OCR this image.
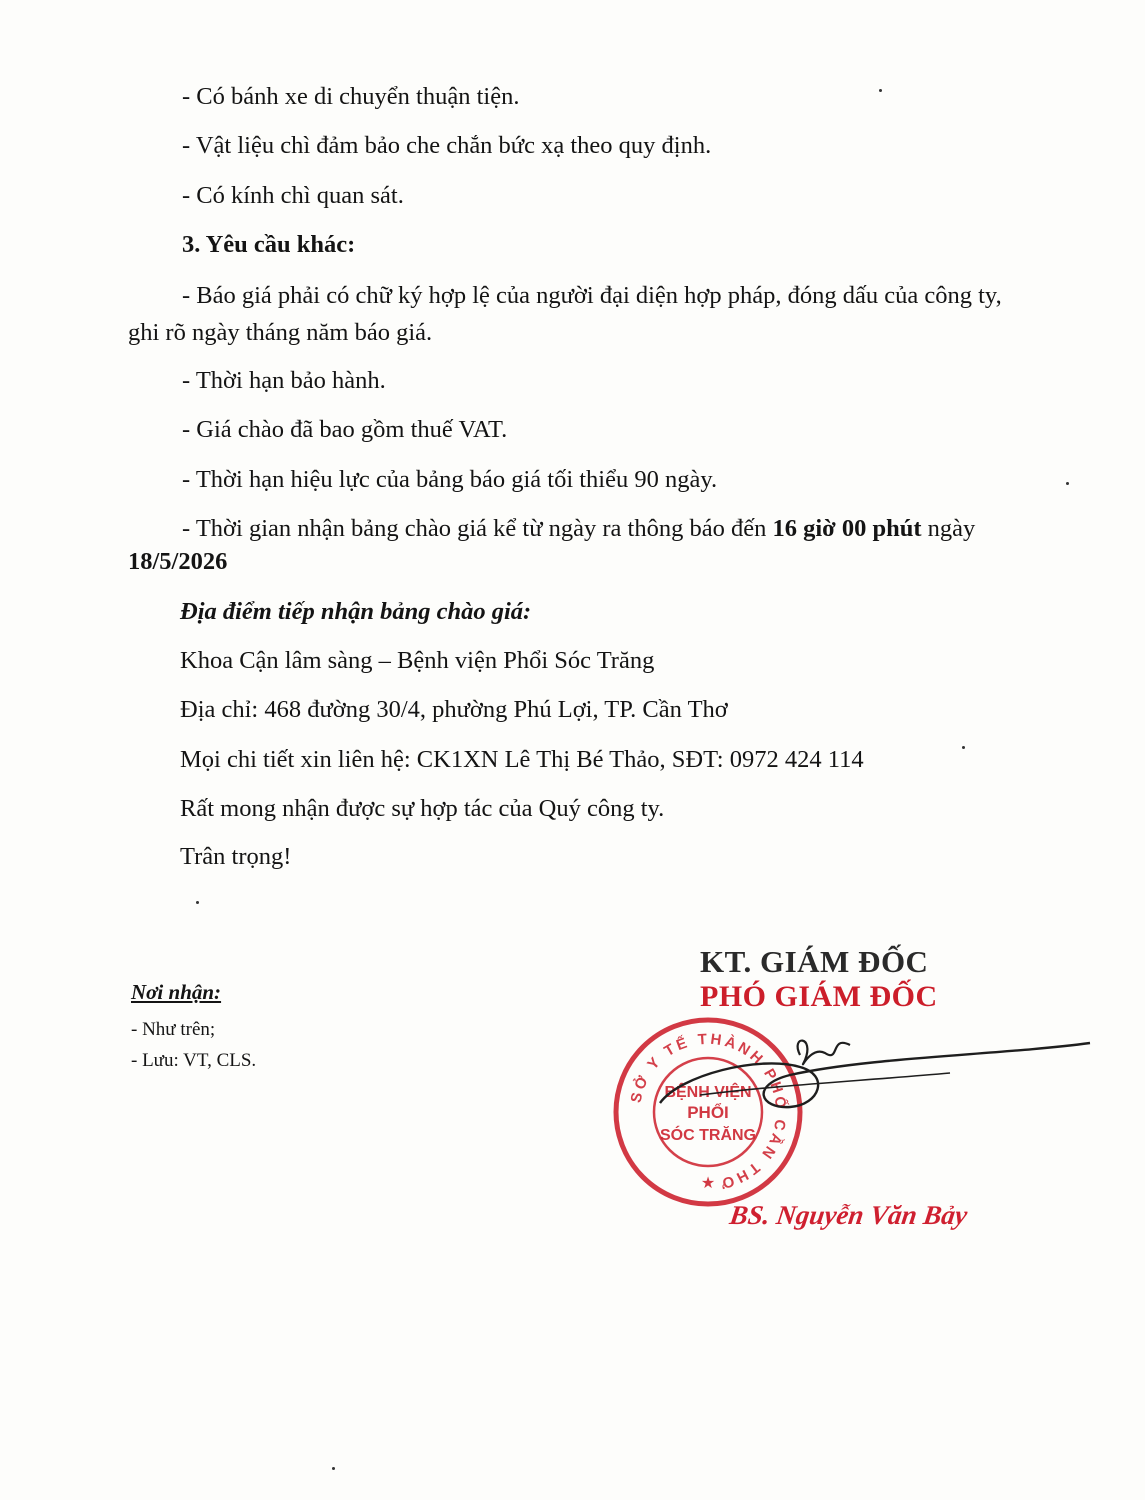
- Có bánh xe di chuyển thuận tiện.
- Vật liệu chì đảm bảo che chắn bức xạ theo quy định.
- Có kính chì quan sát.
3. Yêu cầu khác:
- Báo giá phải có chữ ký hợp lệ của người đại diện hợp pháp, đóng dấu của công ty,
ghi rõ ngày tháng năm báo giá.
- Thời hạn bảo hành.
- Giá chào đã bao gồm thuế VAT.
- Thời hạn hiệu lực của bảng báo giá tối thiểu 90 ngày.
- Thời gian nhận bảng chào giá kể từ ngày ra thông báo đến 16 giờ 00 phút ngày
18/5/2026
Địa điểm tiếp nhận bảng chào giá:
Khoa Cận lâm sàng – Bệnh viện Phổi Sóc Trăng
Địa chỉ: 468 đường 30/4, phường Phú Lợi, TP. Cần Thơ
Mọi chi tiết xin liên hệ: CK1XN Lê Thị Bé Thảo, SĐT: 0972 424 114
Rất mong nhận được sự hợp tác của Quý công ty.
Trân trọng!
Nơi nhận:
- Như trên;
- Lưu: VT, CLS.
KT. GIÁM ĐỐC
PHÓ GIÁM ĐỐC
SỞ Y TẾ THÀNH PHỐ CẦN THƠ
BỆNH VIỆN
PHỔI
SÓC TRĂNG
★
BS. Nguyễn Văn Bảy
